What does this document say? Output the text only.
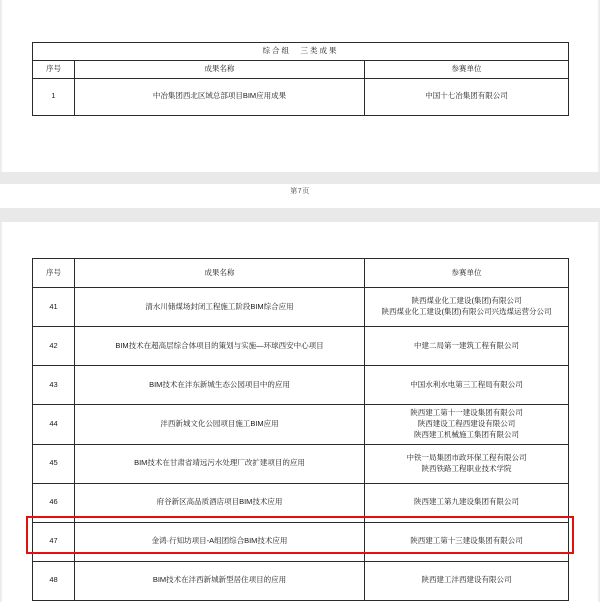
综合组　三类成果		
序号	成果名称	参赛单位
1	中冶集团西北区域总部项目BIM应用成果	中国十七冶集团有限公司
第7页
序号	成果名称	参赛单位
41	清水川储煤场封闭工程施工阶段BIM综合应用	陕西煤业化工建设(集团)有限公司
陕西煤业化工建设(集团)有限公司兴选煤运营分公司

42	BIM技术在超高层综合体项目的策划与实施—环球西安中心项目	中建二局第一建筑工程有限公司

43	BIM技术在沣东新城生态公园项目中的应用	中国水利水电第三工程局有限公司

44	沣西新城文化公园项目施工BIM应用	陕西建工第十一建设集团有限公司
陕西建设工程西建设有限公司
陕西建工机械施工集团有限公司

45	BIM技术在甘肃省靖远污水处理厂改扩建项目的应用	中铁一局集团市政环保工程有限公司
陕西铁路工程职业技术学院

46	府谷新区高品质酒店项目BIM技术应用	陕西建工第九建设集团有限公司

47	金鸿·行知坊项目-A组团综合BIM技术应用	陕西建工第十三建设集团有限公司

48	BIM技术在沣西新城新型居住项目的应用	陕西建工沣西建设有限公司
